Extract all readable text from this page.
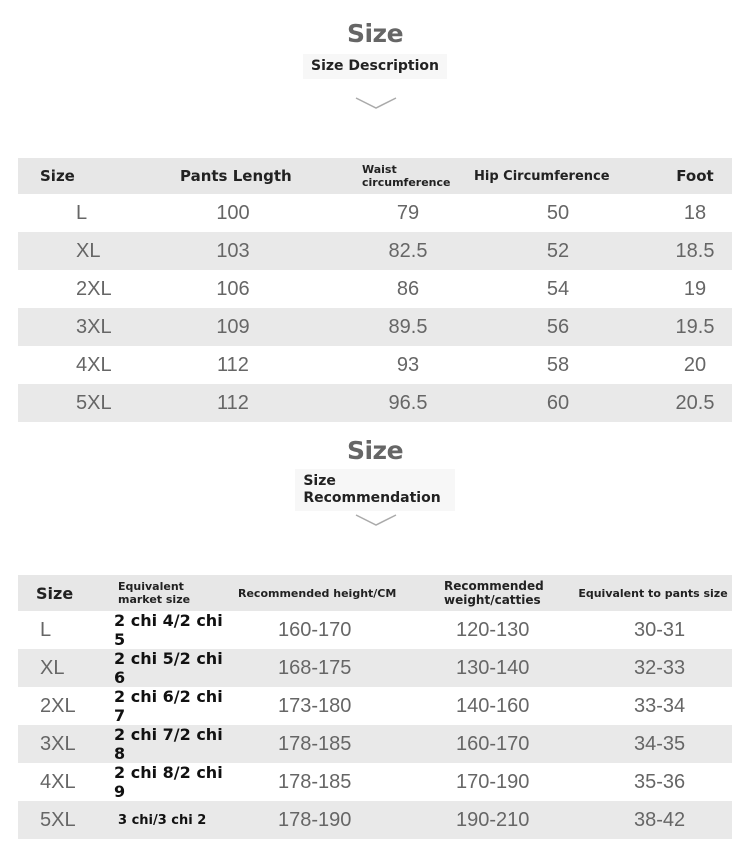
Size
Size Description
Size	Pants Length	Waist circumference	Hip Circumference	Foot
L	100	79	50	18
XL	103	82.5	52	18.5
2XL	106	86	54	19
3XL	109	89.5	56	19.5
4XL	112	93	58	20
5XL	112	96.5	60	20.5
Size
Size
Recommendation
Size	Equivalent market size	Recommended height/CM	Recommended weight/catties	Equivalent to pants size
L	2 chi 4/2 chi 5	160-170	120-130	30-31
XL	2 chi 5/2 chi 6	168-175	130-140	32-33
2XL	2 chi 6/2 chi 7	173-180	140-160	33-34
3XL	2 chi 7/2 chi 8	178-185	160-170	34-35
4XL	2 chi 8/2 chi 9	178-185	170-190	35-36
5XL	3 chi/3 chi 2	178-190	190-210	38-42
